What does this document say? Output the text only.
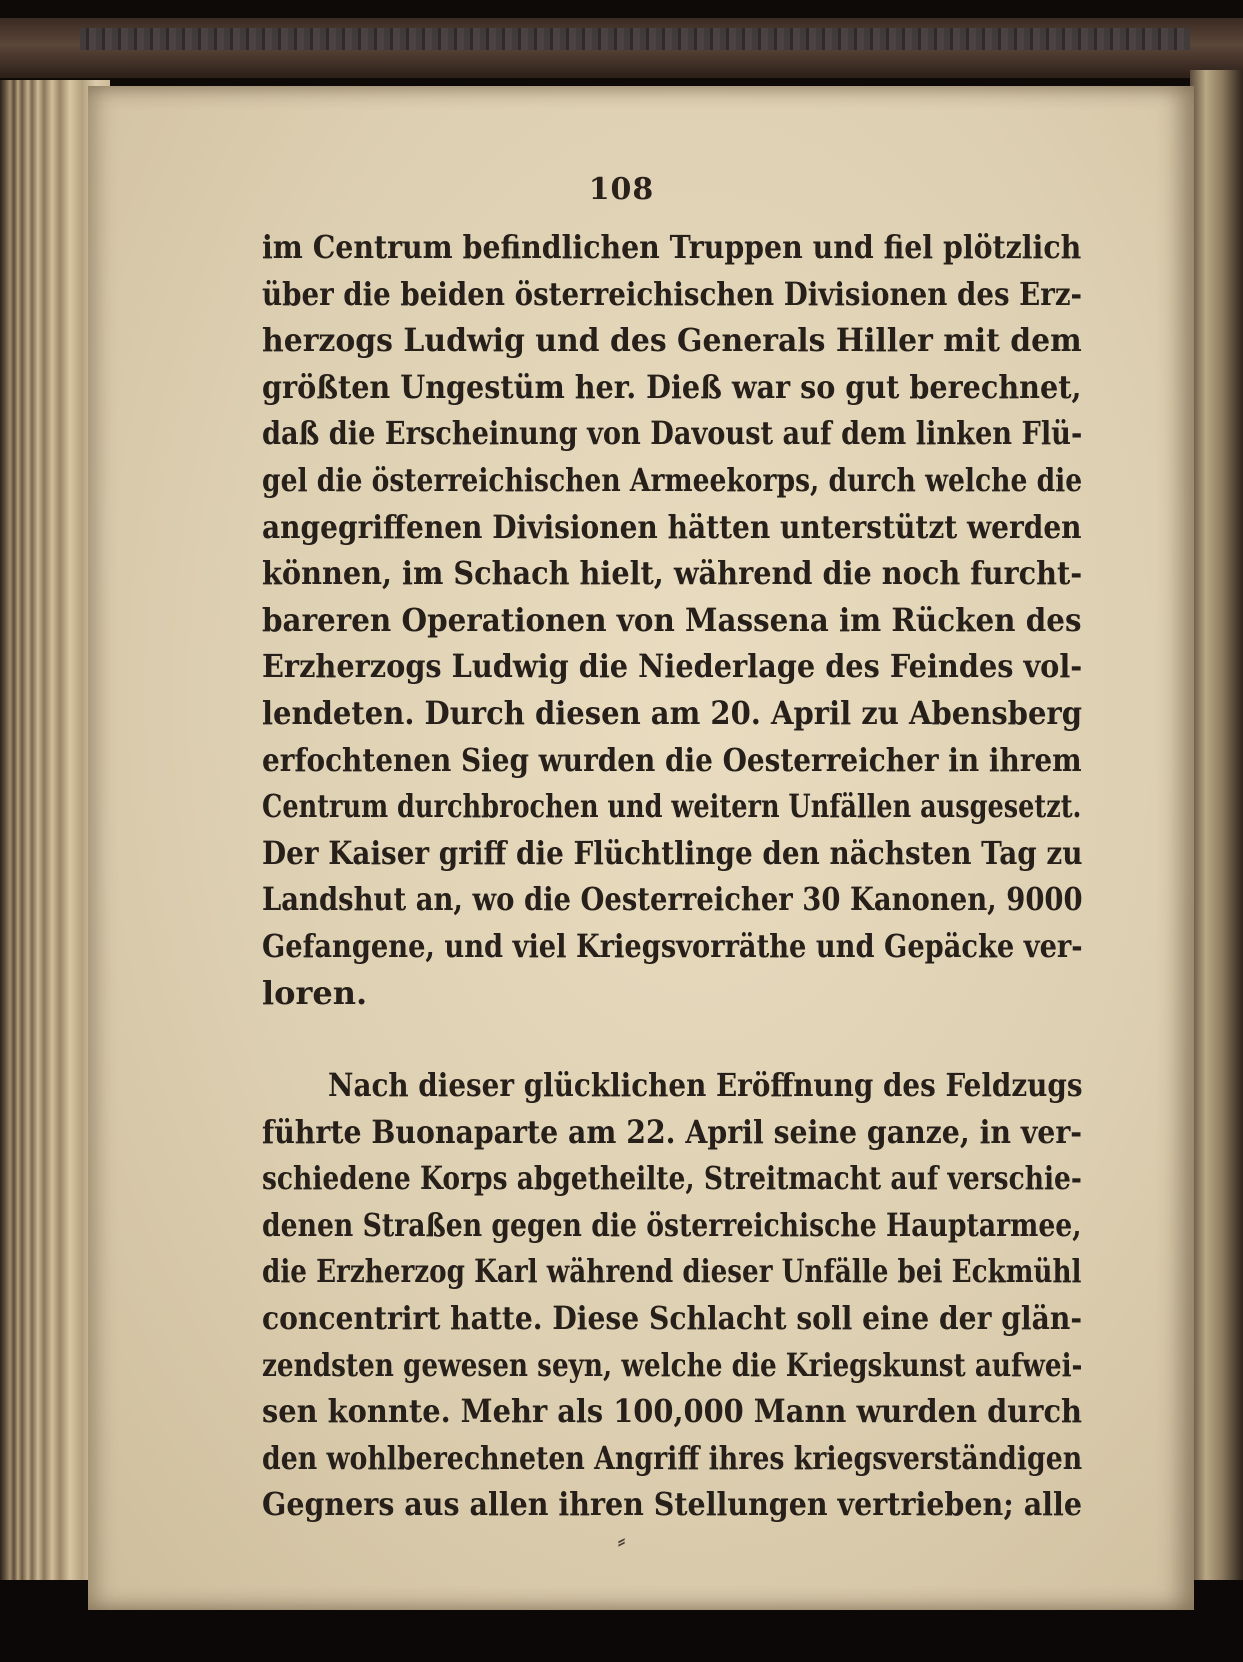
108
im Centrum befindlichen Truppen und fiel plötzlich
über die beiden österreichischen Divisionen des Erz-
herzogs Ludwig und des Generals Hiller mit dem
größten Ungestüm her. Dieß war so gut berechnet,
daß die Erscheinung von Davoust auf dem linken Flü-
gel die österreichischen Armeekorps, durch welche die
angegriffenen Divisionen hätten unterstützt werden
können, im Schach hielt, während die noch furcht-
bareren Operationen von Massena im Rücken des
Erzherzogs Ludwig die Niederlage des Feindes vol-
lendeten. Durch diesen am 20. April zu Abensberg
erfochtenen Sieg wurden die Oesterreicher in ihrem
Centrum durchbrochen und weitern Unfällen ausgesetzt.
Der Kaiser griff die Flüchtlinge den nächsten Tag zu
Landshut an, wo die Oesterreicher 30 Kanonen, 9000
Gefangene, und viel Kriegsvorräthe und Gepäcke ver-
loren.
Nach dieser glücklichen Eröffnung des Feldzugs
führte Buonaparte am 22. April seine ganze, in ver-
schiedene Korps abgetheilte, Streitmacht auf verschie-
denen Straßen gegen die österreichische Hauptarmee,
die Erzherzog Karl während dieser Unfälle bei Eckmühl
concentrirt hatte. Diese Schlacht soll eine der glän-
zendsten gewesen seyn, welche die Kriegskunst aufwei-
sen konnte. Mehr als 100,000 Mann wurden durch
den wohlberechneten Angriff ihres kriegsverständigen
Gegners aus allen ihren Stellungen vertrieben; alle
⸗
